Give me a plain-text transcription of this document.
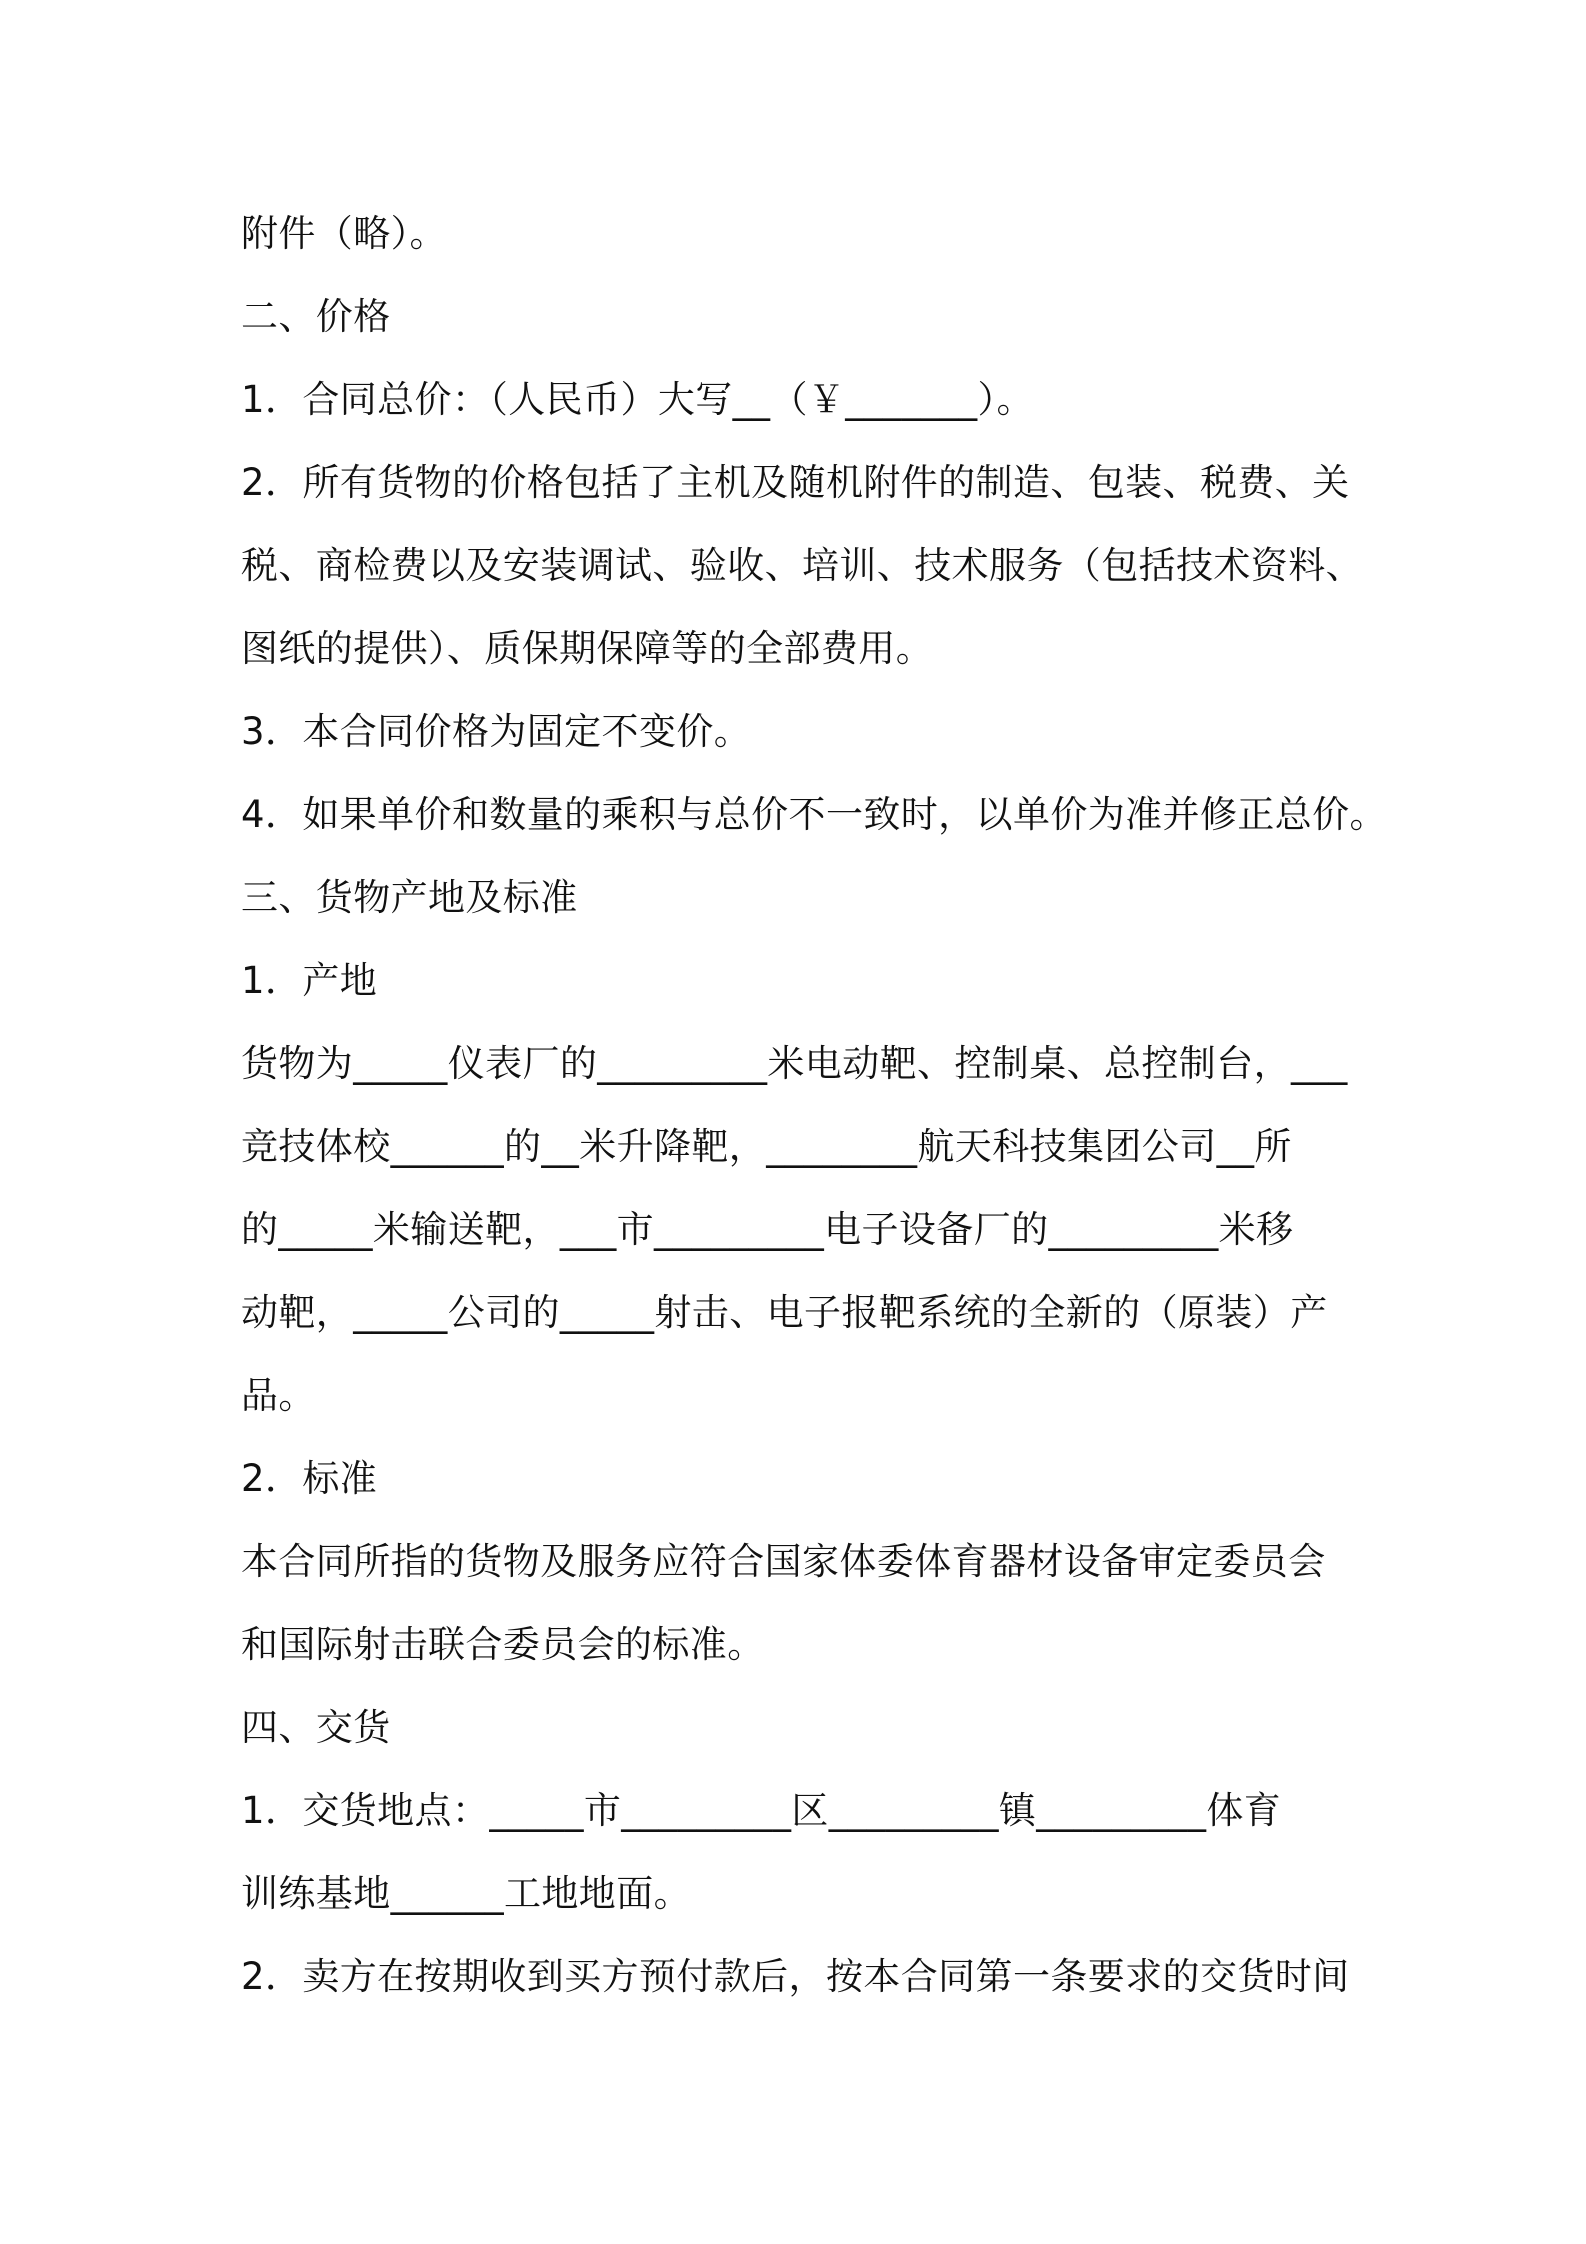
附件（略）。

二、价格

1．合同总价：（人民币）大写__（￥_______）。

2．所有货物的价格包括了主机及随机附件的制造、包装、税费、关

税、商检费以及安装调试、验收、培训、技术服务（包括技术资料、

图纸的提供）、质保期保障等的全部费用。

3．本合同价格为固定不变价。

4．如果单价和数量的乘积与总价不一致时，以单价为准并修正总价。

三、货物产地及标准

1．产地

货物为_____仪表厂的_________米电动靶、控制桌、总控制台，___

竞技体校______的__米升降靶，________航天科技集团公司__所

的_____米输送靶，___市_________电子设备厂的_________米移

动靶，_____公司的_____射击、电子报靶系统的全新的（原装）产

品。

2．标准

本合同所指的货物及服务应符合国家体委体育器材设备审定委员会

和国际射击联合委员会的标准。

四、交货

1．交货地点：_____市_________区_________镇_________体育

训练基地______工地地面。

2．卖方在按期收到买方预付款后，按本合同第一条要求的交货时间
